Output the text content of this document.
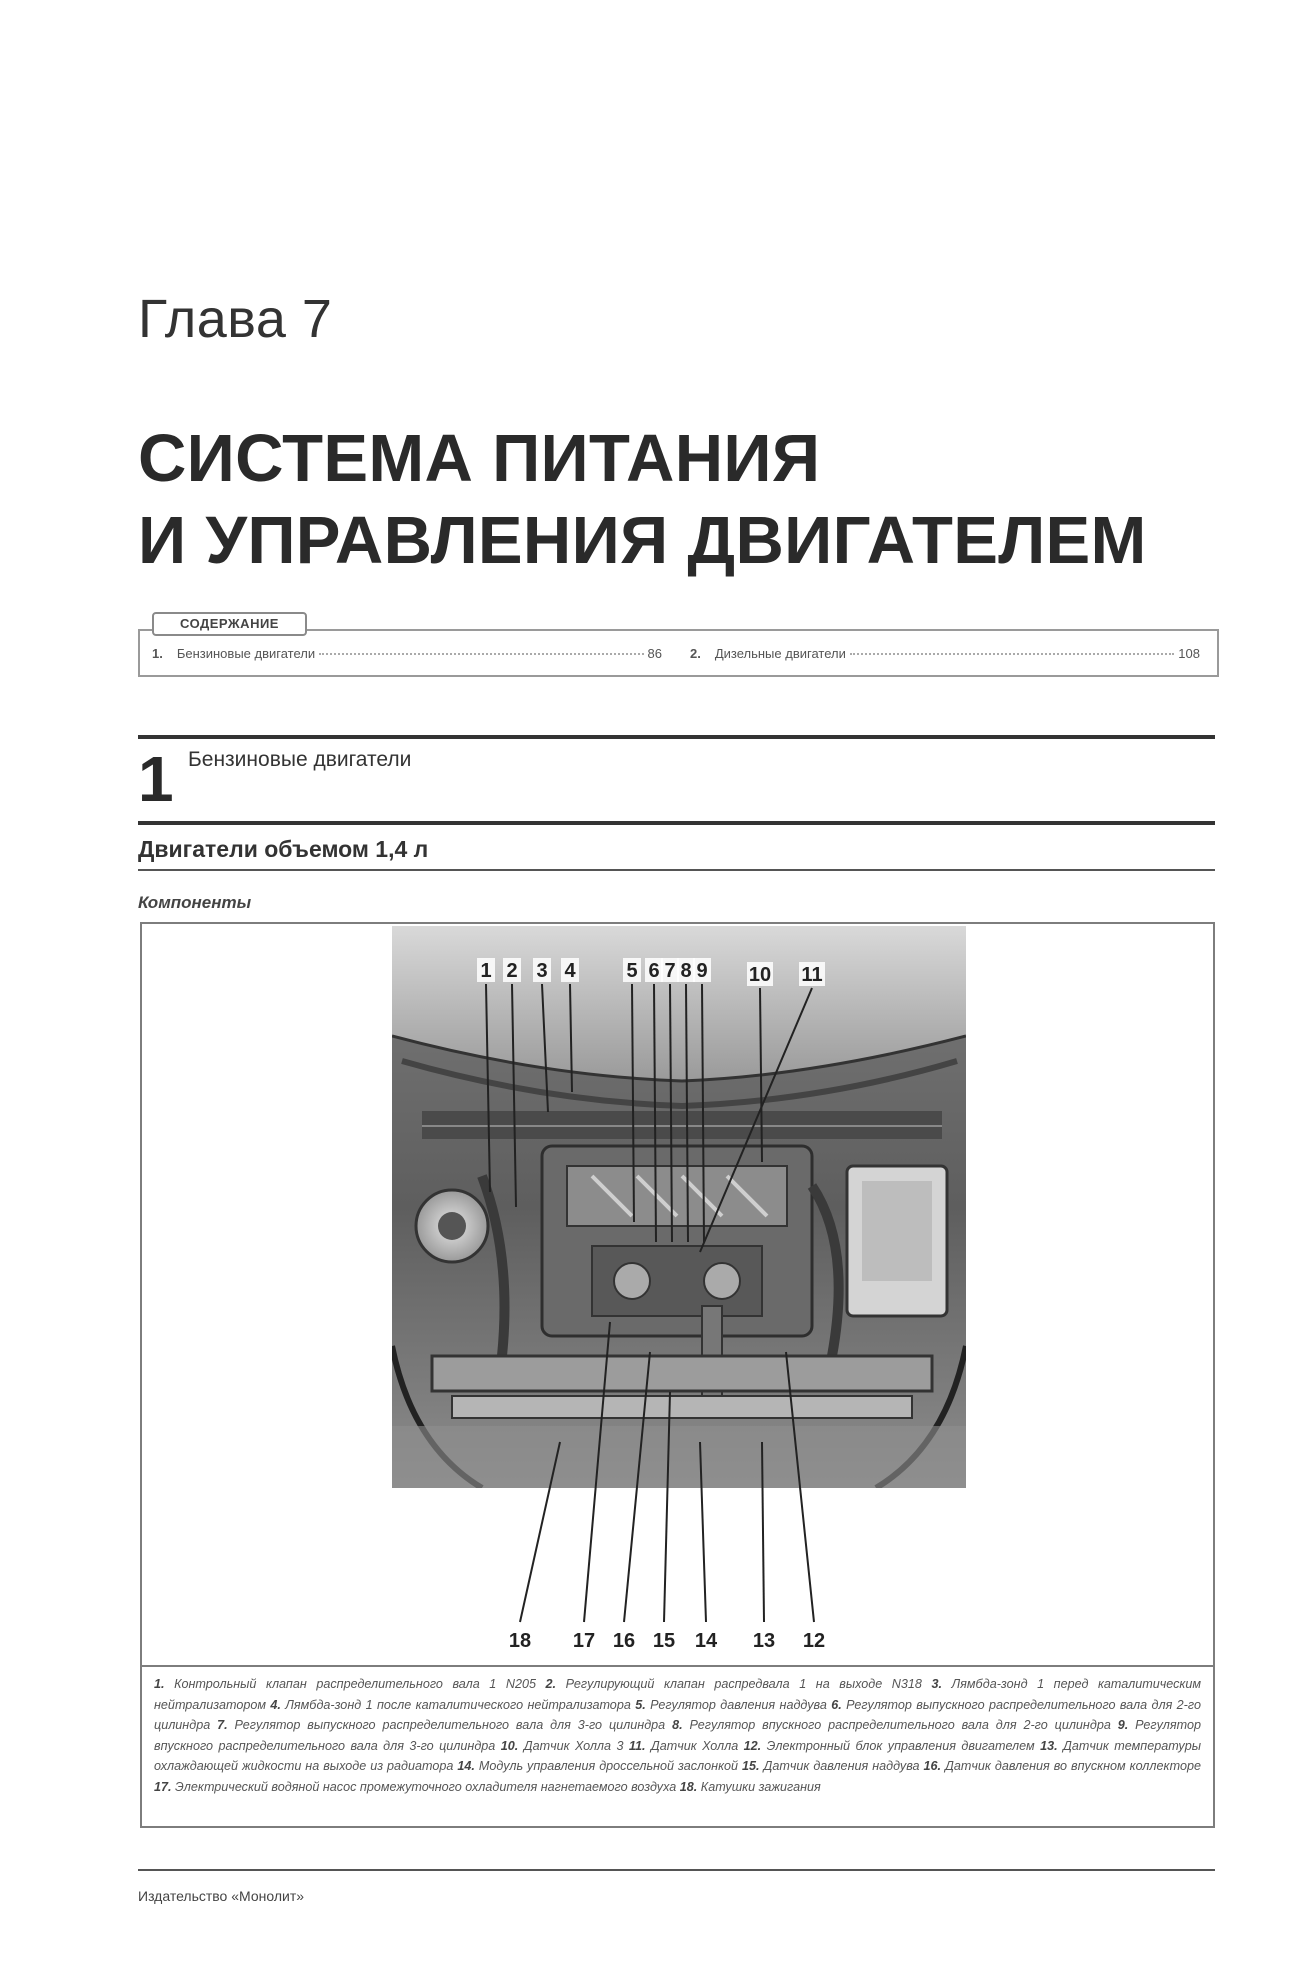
Глава 7
СИСТЕМА ПИТАНИЯ
И УПРАВЛЕНИЯ ДВИГАТЕЛЕМ
СОДЕРЖАНИЕ
1. Бензиновые двигатели	86 2. Дизельные двигатели	108
1 Бензиновые двигатели
Двигатели объемом 1,4 л
Компоненты
1 2 3 4	5 6 7 8 9 10 11
12
13
14
15
16
17
18
1. Контрольный клапан распределительного вала 1 N205 2. Регулирующий клапан распредвала 1 на выходе N318 3. Лямбда-зонд 1 перед каталитическим нейтрализатором 4. Лямбда-зонд 1 после каталитического нейтрализатора 5. Регулятор давления наддува 6. Регулятор выпускного распределительного вала для 2-го цилиндра 7. Регулятор выпускного распределительного вала для 3-го цилиндра 8. Регулятор впускного распределительного вала для 2-го цилиндра 9. Регулятор впускного распределительного вала для 3-го цилиндра 10. Датчик Холла 3 11. Датчик Холла 12. Электронный блок управления двигателем 13. Датчик температуры охлаждающей жидкости на выходе из радиатора 14. Модуль управления дроссельной заслонкой 15. Датчик давления наддува 16. Датчик давления во впускном коллекторе 17. Электрический водяной насос промежуточного охладителя нагнетаемого воздуха 18. Катушки зажигания
Издательство «Монолит»
